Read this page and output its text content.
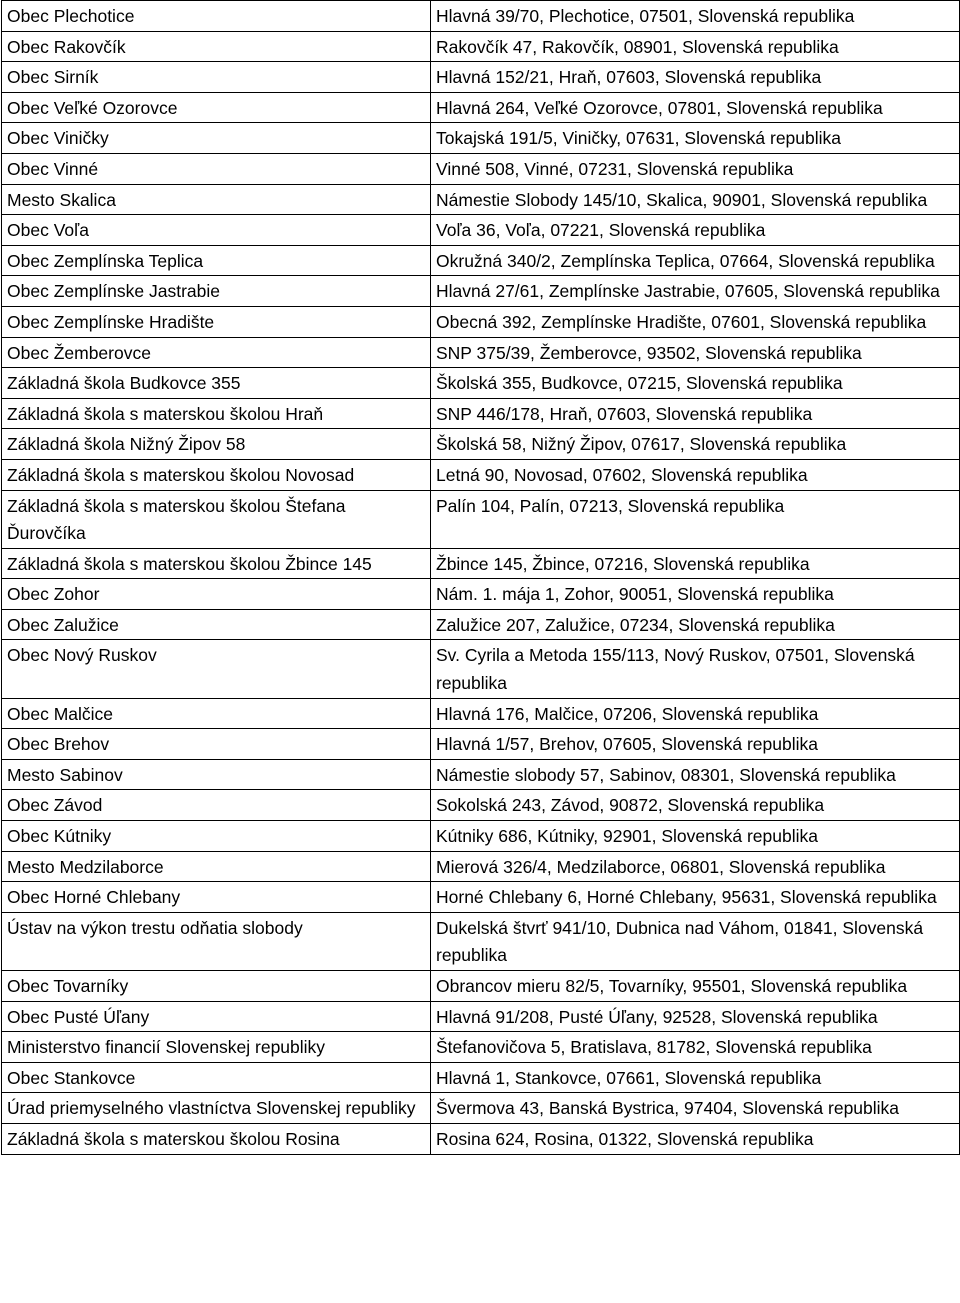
Obec Plechotice	Hlavná 39/70, Plechotice, 07501, Slovenská republika
Obec Rakovčík	Rakovčík 47, Rakovčík, 08901, Slovenská republika
Obec Sirník	Hlavná 152/21, Hraň, 07603, Slovenská republika
Obec Veľké Ozorovce	Hlavná 264, Veľké Ozorovce, 07801, Slovenská republika
Obec Viničky	Tokajská 191/5, Viničky, 07631, Slovenská republika
Obec Vinné	Vinné 508, Vinné, 07231, Slovenská republika
Mesto Skalica	Námestie Slobody 145/10, Skalica, 90901, Slovenská republika
Obec Voľa	Voľa 36, Voľa, 07221, Slovenská republika
Obec Zemplínska Teplica	Okružná 340/2, Zemplínska Teplica, 07664, Slovenská republika
Obec Zemplínske Jastrabie	Hlavná 27/61, Zemplínske Jastrabie, 07605, Slovenská republika
Obec Zemplínske Hradište	Obecná 392, Zemplínske Hradište, 07601, Slovenská republika
Obec Žemberovce	SNP 375/39, Žemberovce, 93502, Slovenská republika
Základná škola Budkovce 355	Školská 355, Budkovce, 07215, Slovenská republika
Základná škola s materskou školou Hraň	SNP 446/178, Hraň, 07603, Slovenská republika
Základná škola Nižný Žipov 58	Školská 58, Nižný Žipov, 07617, Slovenská republika
Základná škola s materskou školou Novosad	Letná 90, Novosad, 07602, Slovenská republika
Základná škola s materskou školou Štefana Ďurovčíka	Palín 104, Palín, 07213, Slovenská republika
Základná škola s materskou školou Žbince 145	Žbince 145, Žbince, 07216, Slovenská republika
Obec Zohor	Nám. 1. mája 1, Zohor, 90051, Slovenská republika
Obec Zalužice	Zalužice 207, Zalužice, 07234, Slovenská republika
Obec Nový Ruskov	Sv. Cyrila a Metoda 155/113, Nový Ruskov, 07501, Slovenská republika
Obec Malčice	Hlavná 176, Malčice, 07206, Slovenská republika
Obec Brehov	Hlavná 1/57, Brehov, 07605, Slovenská republika
Mesto Sabinov	Námestie slobody 57, Sabinov, 08301, Slovenská republika
Obec Závod	Sokolská 243, Závod, 90872, Slovenská republika
Obec Kútniky	Kútniky 686, Kútniky, 92901, Slovenská republika
Mesto Medzilaborce	Mierová 326/4, Medzilaborce, 06801, Slovenská republika
Obec Horné Chlebany	Horné Chlebany 6, Horné Chlebany, 95631, Slovenská republika
Ústav na výkon trestu odňatia slobody	Dukelská štvrť 941/10, Dubnica nad Váhom, 01841, Slovenská republika
Obec Tovarníky	Obrancov mieru 82/5, Tovarníky, 95501, Slovenská republika
Obec Pusté Úľany	Hlavná 91/208, Pusté Úľany, 92528, Slovenská republika
Ministerstvo financií Slovenskej republiky	Štefanovičova 5, Bratislava, 81782, Slovenská republika
Obec Stankovce	Hlavná 1, Stankovce, 07661, Slovenská republika
Úrad priemyselného vlastníctva Slovenskej republiky	Švermova 43, Banská Bystrica, 97404, Slovenská republika
Základná škola s materskou školou Rosina	Rosina 624, Rosina, 01322, Slovenská republika
